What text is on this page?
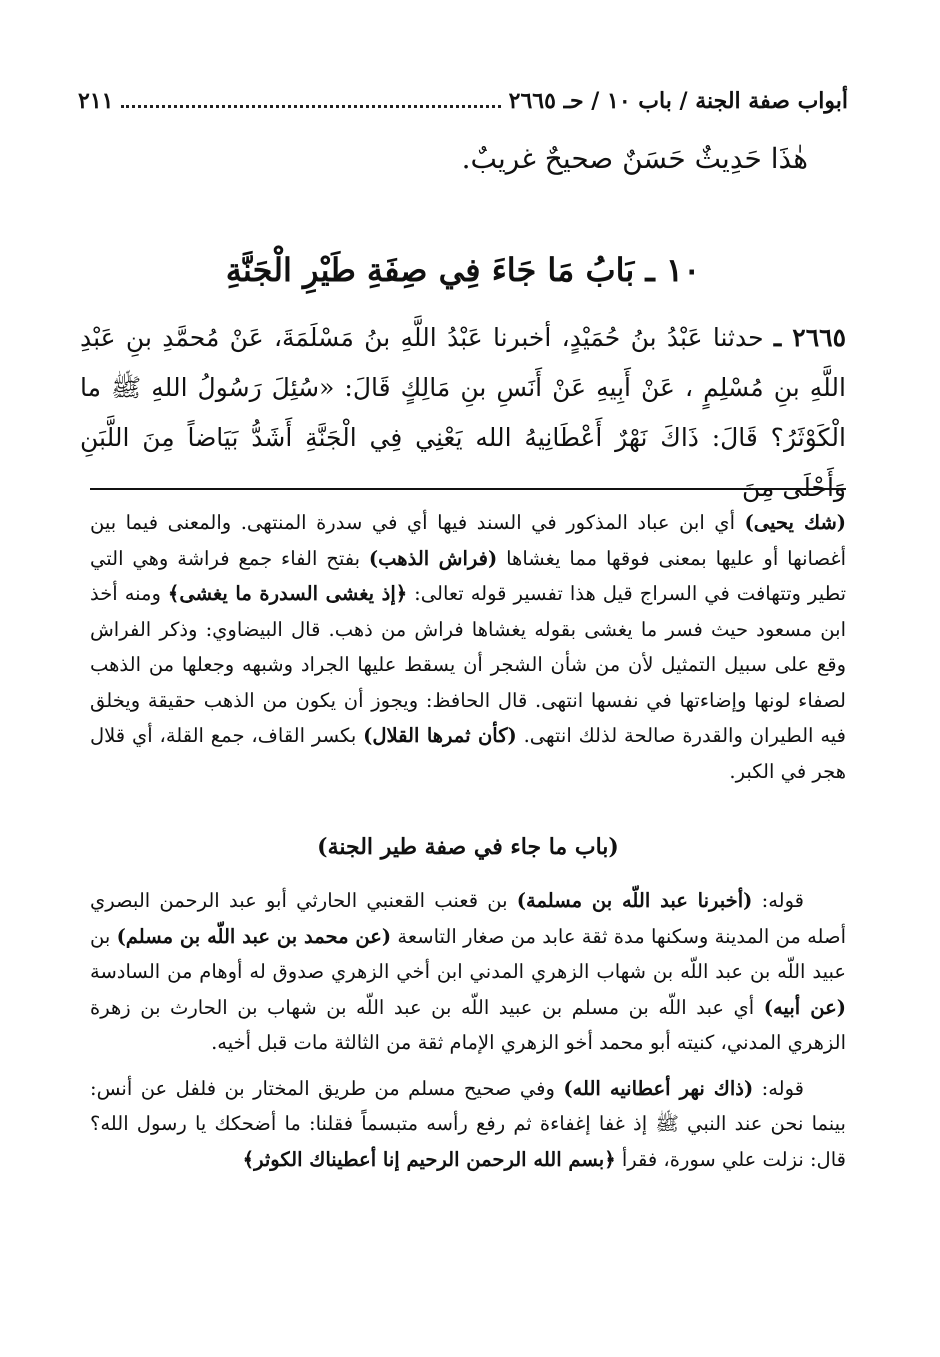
أبواب صفة الجنة / باب ١٠ / حـ ٢٦٦٥
٢١١
هٰذَا حَدِيثٌ حَسَنٌ صحيحٌ غريبٌ.
١٠ ـ بَابُ مَا جَاءَ فِي صِفَةِ طَيْرِ الْجَنَّةِ
٢٦٦٥ ـ حدثنا عَبْدُ بنُ حُمَيْدٍ، أخبرنا عَبْدُ اللَّهِ بنُ مَسْلَمَةَ، عَنْ مُحمَّدِ بنِ عَبْدِ اللَّهِ بنِ مُسْلِمٍ ، عَنْ أَبِيهِ عَنْ أَنَسِ بنِ مَالِكٍ قَالَ: «سُئِلَ رَسُولُ اللهِ ﷺ ما الْكَوْثَرُ؟ قَالَ: ذَاكَ نَهْرٌ أَعْطَانِيهُ الله يَعْنِي فِي الْجَنَّةِ أَشَدُّ بَيَاضاً مِنَ اللَّبَنِ وَأَحْلَى مِنَ

(شك يحيى) أي ابن عباد المذكور في السند فيها أي في سدرة المنتهى. والمعنى فيما بين أغصانها أو عليها بمعنى فوقها مما يغشاها (فراش الذهب) بفتح الفاء جمع فراشة وهي التي تطير وتتهافت في السراج قيل هذا تفسير قوله تعالى: ﴿إذ يغشى السدرة ما يغشى﴾ ومنه أخذ ابن مسعود حيث فسر ما يغشى بقوله يغشاها فراش من ذهب. قال البيضاوي: وذكر الفراش وقع على سبيل التمثيل لأن من شأن الشجر أن يسقط عليها الجراد وشبهه وجعلها من الذهب لصفاء لونها وإضاءتها في نفسها انتهى. قال الحافظ: ويجوز أن يكون من الذهب حقيقة ويخلق فيه الطيران والقدرة صالحة لذلك انتهى. (كأن ثمرها القلال) بكسر القاف، جمع القلة، أي قلال هجر في الكبر.

(باب ما جاء في صفة طير الجنة)

قوله: (أخبرنا عبد اللّه بن مسلمة) بن قعنب القعنبي الحارثي أبو عبد الرحمن البصري أصله من المدينة وسكنها مدة ثقة عابد من صغار التاسعة (عن محمد بن عبد اللّه بن مسلم) بن عبيد اللّه بن عبد اللّه بن شهاب الزهري المدني ابن أخي الزهري صدوق له أوهام من السادسة (عن أبيه) أي عبد اللّه بن مسلم بن عبيد اللّه بن عبد اللّه بن شهاب بن الحارث بن زهرة الزهري المدني، كنيته أبو محمد أخو الزهري الإمام ثقة من الثالثة مات قبل أخيه.

قوله: (ذاك نهر أعطانيه الله) وفي صحيح مسلم من طريق المختار بن فلفل عن أنس: بينما نحن عند النبي ﷺ إذ غفا إغفاءة ثم رفع رأسه متبسماً فقلنا: ما أضحكك يا رسول الله؟ قال: نزلت علي سورة، فقرأ ﴿بسم الله الرحمن الرحيم إنا أعطيناك الكوثر﴾
